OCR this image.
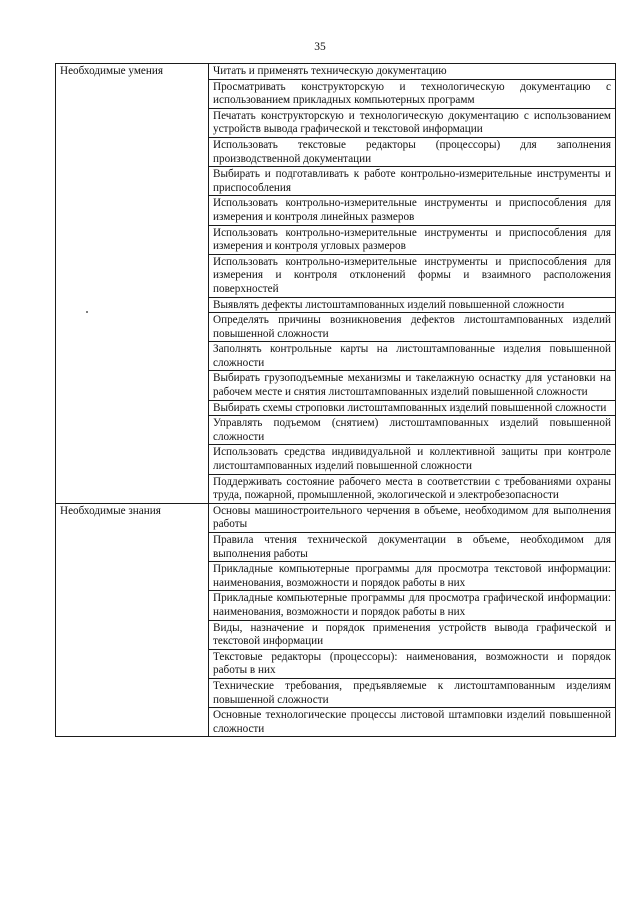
35
Необходимые умения	Читать и применять техническую документацию
	Просматривать конструкторскую и технологическую документацию с использованием прикладных компьютерных программ
	Печатать конструкторскую и технологическую документацию с использованием устройств вывода графической и текстовой информации
	Использовать текстовые редакторы (процессоры) для заполнения производственной документации
	Выбирать и подготавливать к работе контрольно-измерительные инструменты и приспособления
	Использовать контрольно-измерительные инструменты и приспособления для измерения и контроля линейных размеров
	Использовать контрольно-измерительные инструменты и приспособления для измерения и контроля угловых размеров
	Использовать контрольно-измерительные инструменты и приспособления для измерения и контроля отклонений формы и взаимного расположения поверхностей
	Выявлять дефекты листоштампованных изделий повышенной сложности
	Определять причины возникновения дефектов листоштампованных изделий повышенной сложности
	Заполнять контрольные карты на листоштампованные изделия повышенной сложности
	Выбирать грузоподъемные механизмы и такелажную оснастку для установки на рабочем месте и снятия листоштампованных изделий повышенной сложности
	Выбирать схемы строповки листоштампованных изделий повышенной сложности
	Управлять подъемом (снятием) листоштампованных изделий повышенной сложности
	Использовать средства индивидуальной и коллективной защиты при контроле листоштампованных изделий повышенной сложности
	Поддерживать состояние рабочего места в соответствии с требованиями охраны труда, пожарной, промышленной, экологической и электробезопасности
Необходимые знания	Основы машиностроительного черчения в объеме, необходимом для выполнения работы
	Правила чтения технической документации в объеме, необходимом для выполнения работы
	Прикладные компьютерные программы для просмотра текстовой информации: наименования, возможности и порядок работы в них
	Прикладные компьютерные программы для просмотра графической информации: наименования, возможности и порядок работы в них
	Виды, назначение и порядок применения устройств вывода графической и текстовой информации
	Текстовые редакторы (процессоры): наименования, возможности и порядок работы в них
	Технические требования, предъявляемые к листоштампованным изделиям повышенной сложности
	Основные технологические процессы листовой штамповки изделий повышенной сложности
